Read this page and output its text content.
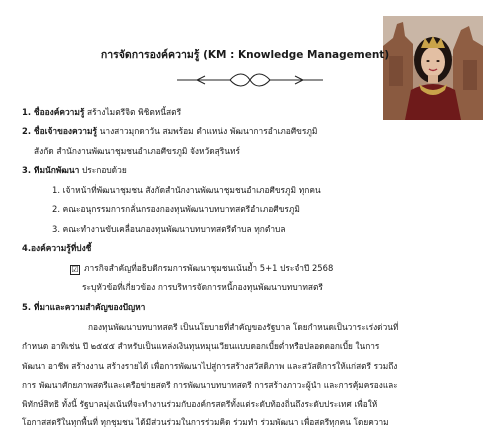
การจัดการองค์ความรู้ (KM : Knowledge Management)
1. ชื่อองค์ความรู้ สร้างไมตรีจิต พิชิตหนี้สตรี
2. ชื่อเจ้าของความรู้ นางสาวมุกดาวัน สมพร้อม ตำแหน่ง พัฒนาการอำเภอศีขรภูมิ
สังกัด สำนักงานพัฒนาชุมชนอำเภอศีขรภูมิ จังหวัดสุรินทร์
3. ทีมนักพัฒนา ประกอบด้วย
1. เจ้าหน้าที่พัฒนาชุมชน สังกัดสำนักงานพัฒนาชุมชนอำเภอศีขรภูมิ ทุกคน
2. คณะอนุกรรมการกลั่นกรองกองทุนพัฒนาบทบาทสตรีอำเภอศีขรภูมิ
3. คณะทำงานขับเคลื่อนกองทุนพัฒนาบทบาทสตรีตำบล ทุกตำบล
4.องค์ความรู้ที่บ่งชี้
☑ ภารกิจสำคัญที่อธิบดีกรมการพัฒนาชุมชนเน้นย้ำ 5+1 ประจำปี 2568
ระบุหัวข้อที่เกี่ยวข้อง การบริหารจัดการหนี้กองทุนพัฒนาบทบาทสตรี
5. ที่มาและความสำคัญของปัญหา
กองทุนพัฒนาบทบาทสตรี เป็นนโยบายที่สำคัญของรัฐบาล โดยกำหนดเป็นวาระเร่งด่วนที่
กำหนด อาทิเช่น ปี ๒๕๕๕ สำหรับเป็นแหล่งเงินทุนหมุนเวียนแบบดอกเบี้ยต่ำหรือปลอดดอกเบี้ย ในการ
พัฒนา อาชีพ สร้างงาน สร้างรายได้ เพื่อการพัฒนาไปสู่การสร้างสวัสดิภาพ และสวัสดิการให้แก่สตรี รวมถึง
การ พัฒนาศักยภาพสตรีและเครือข่ายสตรี การพัฒนาบทบาทสตรี การสร้างภาวะผู้นำ และการคุ้มครองและ
พิทักษ์สิทธิ ทั้งนี้ รัฐบาลมุ่งเน้นที่จะทำงานร่วมกับองค์กรสตรีทั้งแต่ระดับท้องถิ่นถึงระดับประเทศ เพื่อให้
โอกาสสตรีในทุกพื้นที่ ทุกชุมชน ได้มีส่วนร่วมในการร่วมคิด ร่วมทำ ร่วมพัฒนา เพื่อสตรีทุกคน โดยความ
